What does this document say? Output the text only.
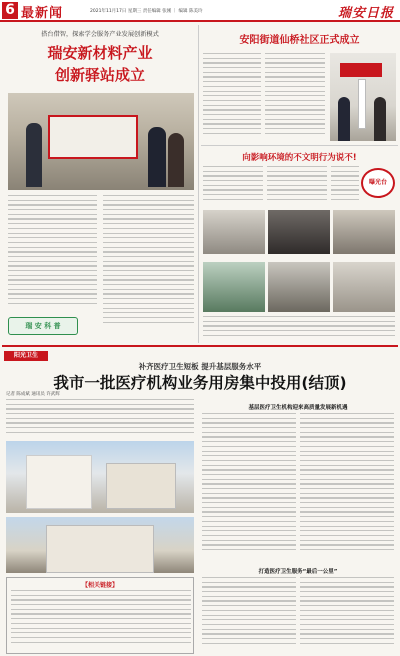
6 最新闻	2021年11月17日 星期三 责任编辑 张刚 ｜ 编辑 陈美玲	瑞安日报
搭台借智，探索学会服务产业发展创新模式
瑞安新材料产业
创新驿站成立
瑞 安 科 普
安阳街道仙桥社区正式成立
向影响环境的不文明行为说不!
曝光台
阳光卫生
补齐医疗卫生短板 提升基层服务水平
我市一批医疗机构业务用房集中投用(结顶)
记者 陈成斌 通讯员 许武辉
【相关链接】
基层医疗卫生机构迎来高质量发展新机遇
打造医疗卫生服务“最后一公里”
